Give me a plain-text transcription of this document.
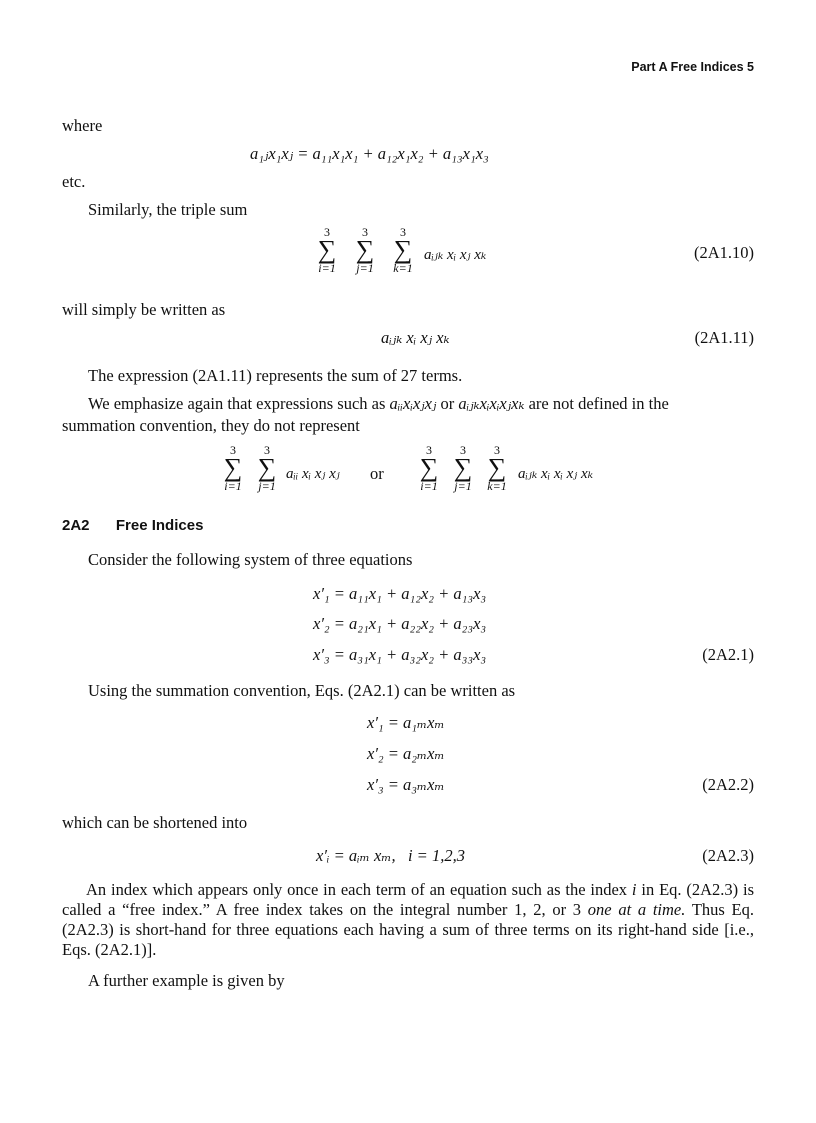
Part A Free Indices 5
where
a₁ⱼx₁xⱼ = a₁₁x₁x₁ + a₁₂x₁x₂ + a₁₃x₁x₃
etc.
Similarly, the triple sum
3
∑
i=1
3
∑
j=1
3
∑
k=1
aᵢⱼₖ xᵢ xⱼ xₖ	(2A1.10)
will simply be written as
aᵢⱼₖ xᵢ xⱼ xₖ	(2A1.11)
The expression (2A1.11) represents the sum of 27 terms.
We emphasize again that expressions such as aᵢᵢxᵢxⱼxⱼ or aᵢⱼₖxᵢxᵢxⱼxₖ are not defined in the
summation convention, they do not represent
3
∑
i=1
3
∑
j=1
aᵢᵢ xᵢ xⱼ xⱼ or
3
∑
i=1
3
∑
j=1
3
∑
k=1
aᵢⱼₖ xᵢ xᵢ xⱼ xₖ
2A2 Free Indices
Consider the following system of three equations
x′₁ = a₁₁x₁ + a₁₂x₂ + a₁₃x₃
x′₂ = a₂₁x₁ + a₂₂x₂ + a₂₃x₃
x′₃ = a₃₁x₁ + a₃₂x₂ + a₃₃x₃	(2A2.1)
Using the summation convention, Eqs. (2A2.1) can be written as
x′₁ = a₁ₘxₘ
x′₂ = a₂ₘxₘ
x′₃ = a₃ₘxₘ	(2A2.2)
which can be shortened into
x′ᵢ = aᵢₘ xₘ,   i = 1,2,3	(2A2.3)
An index which appears only once in each term of an equation such as the index i in Eq. (2A2.3) is called a “free index.” A free index takes on the integral number 1, 2, or 3 one at a time. Thus Eq. (2A2.3) is short-hand for three equations each having a sum of three terms on its right-hand side [i.e., Eqs. (2A2.1)].
A further example is given by
